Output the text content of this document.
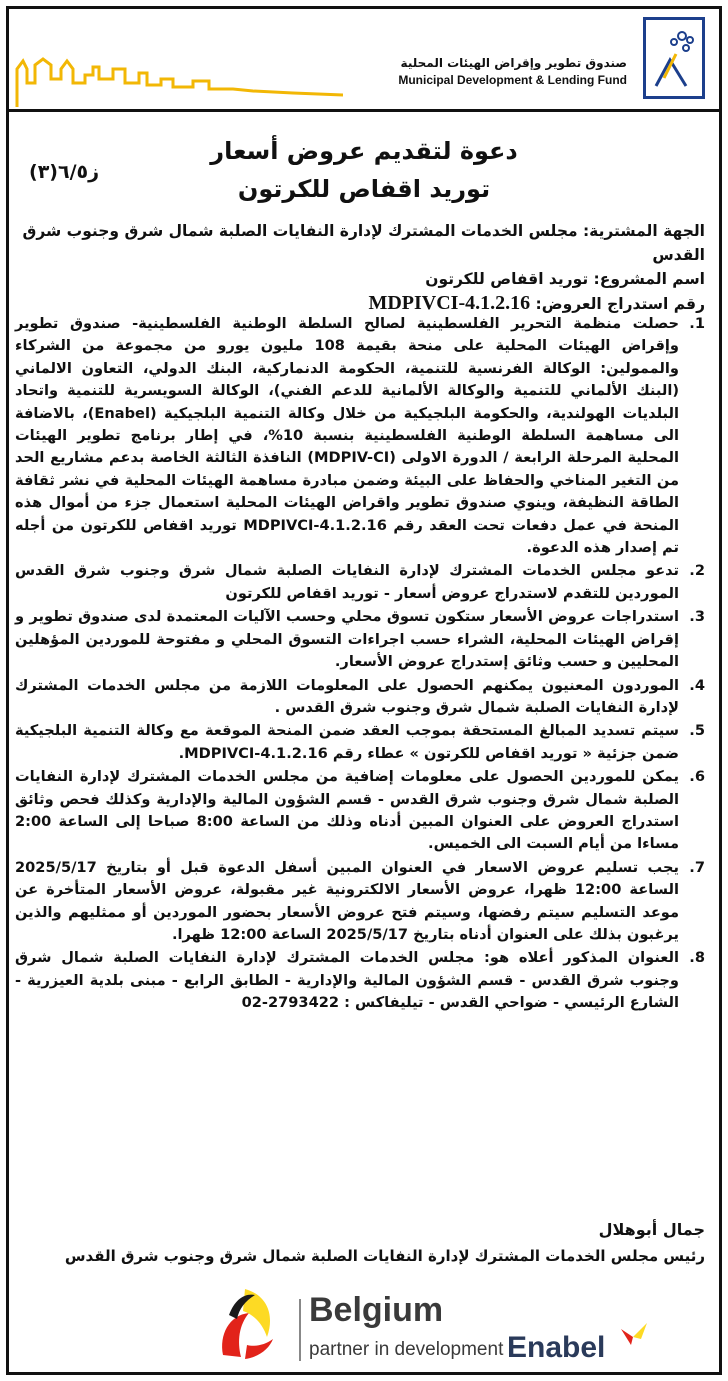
صندوق تطوير وإقراض الهيئات المحلية
Municipal Development & Lending Fund
دعوة لتقديم عروض أسعار
توريد اقفاص للكرتون
ز٦/٥(٣)
الجهة المشترية: مجلس الخدمات المشترك لإدارة النفايات الصلبة شمال شرق وجنوب شرق القدس
اسم المشروع: توريد اقفاص للكرتون
رقم استدراج العروض: MDPIVCI-4.1.2.16
1.
حصلت منظمة التحرير الفلسطينية لصالح السلطة الوطنية الفلسطينية- صندوق تطوير وإقراض الهيئات المحلية على منحة بقيمة 108 مليون يورو من مجموعة من الشركاء والممولين: الوكالة الفرنسية للتنمية، الحكومة الدنماركية، البنك الدولي، التعاون الالماني (البنك الألماني للتنمية والوكالة الألمانية للدعم الفني)، الوكالة السويسرية للتنمية واتحاد البلديات الهولندية، والحكومة البلجيكية من خلال وكالة التنمية البلجيكية (Enabel)، بالاضافة الى مساهمة السلطة الوطنية الفلسطينية بنسبة 10%، في إطار برنامج تطوير الهيئات المحلية المرحلة الرابعة / الدورة الاولى (MDPIV-CI) النافذة الثالثة الخاصة بدعم مشاريع الحد من التغير المناخي والحفاظ على البيئة وضمن مبادرة مساهمة الهيئات المحلية في نشر ثقافة الطاقة النظيفة، وينوي صندوق تطوير واقراض الهيئات المحلية استعمال جزء من أموال هذه المنحة في عمل دفعات تحت العقد رقم MDPIVCI-4.1.2.16 توريد اقفاص للكرتون من أجله تم إصدار هذه الدعوة.
2.
تدعو مجلس الخدمات المشترك لإدارة النفايات الصلبة شمال شرق وجنوب شرق القدس الموردين للتقدم لاستدراج عروض أسعار - توريد اقفاص للكرتون
3.
استدراجات عروض الأسعار ستكون تسوق محلي وحسب الآليات المعتمدة لدى صندوق تطوير و إقراض الهيئات المحلية، الشراء حسب اجراءات التسوق المحلي و مفتوحة للموردين المؤهلين المحليين و حسب وثائق إستدراج عروض الأسعار.
4.
الموردون المعنيون يمكنهم الحصول على المعلومات اللازمة من مجلس الخدمات المشترك لإدارة النفايات الصلبة شمال شرق وجنوب شرق القدس .
5.
سيتم تسديد المبالغ المستحقة بموجب العقد ضمن المنحة الموقعة مع وكالة التنمية البلجيكية ضمن جزئية « توريد اقفاص للكرتون » عطاء رقم MDPIVCI-4.1.2.16.
6.
يمكن للموردين الحصول على معلومات إضافية من مجلس الخدمات المشترك لإدارة النفايات الصلبة شمال شرق وجنوب شرق القدس - قسم الشؤون المالية والإدارية وكذلك فحص وثائق استدراج العروض على العنوان المبين أدناه وذلك من الساعة 8:00 صباحا إلى الساعة 2:00 مساءا من أيام السبت الى الخميس.
7.
يجب تسليم عروض الاسعار في العنوان المبين أسفل الدعوة قبل أو بتاريخ 2025/5/17 الساعة 12:00 ظهرا، عروض الأسعار الالكترونية غير مقبولة، عروض الأسعار المتأخرة عن موعد التسليم سيتم رفضها، وسيتم فتح عروض الأسعار بحضور الموردين أو ممثليهم والذين يرغبون بذلك على العنوان أدناه بتاريخ 2025/5/17 الساعة 12:00 ظهرا.
8.
العنوان المذكور أعلاه هو: مجلس الخدمات المشترك لإدارة النفايات الصلبة شمال شرق وجنوب شرق القدس - قسم الشؤون المالية والإدارية - الطابق الرابع - مبنى بلدية العيزرية - الشارع الرئيسي - ضواحي القدس - تيليفاكس : 2793422-02
جمال أبوهلال
رئيس مجلس الخدمات المشترك لإدارة النفايات الصلبة شمال شرق وجنوب شرق القدس
Belgium
partner in development Enabel
